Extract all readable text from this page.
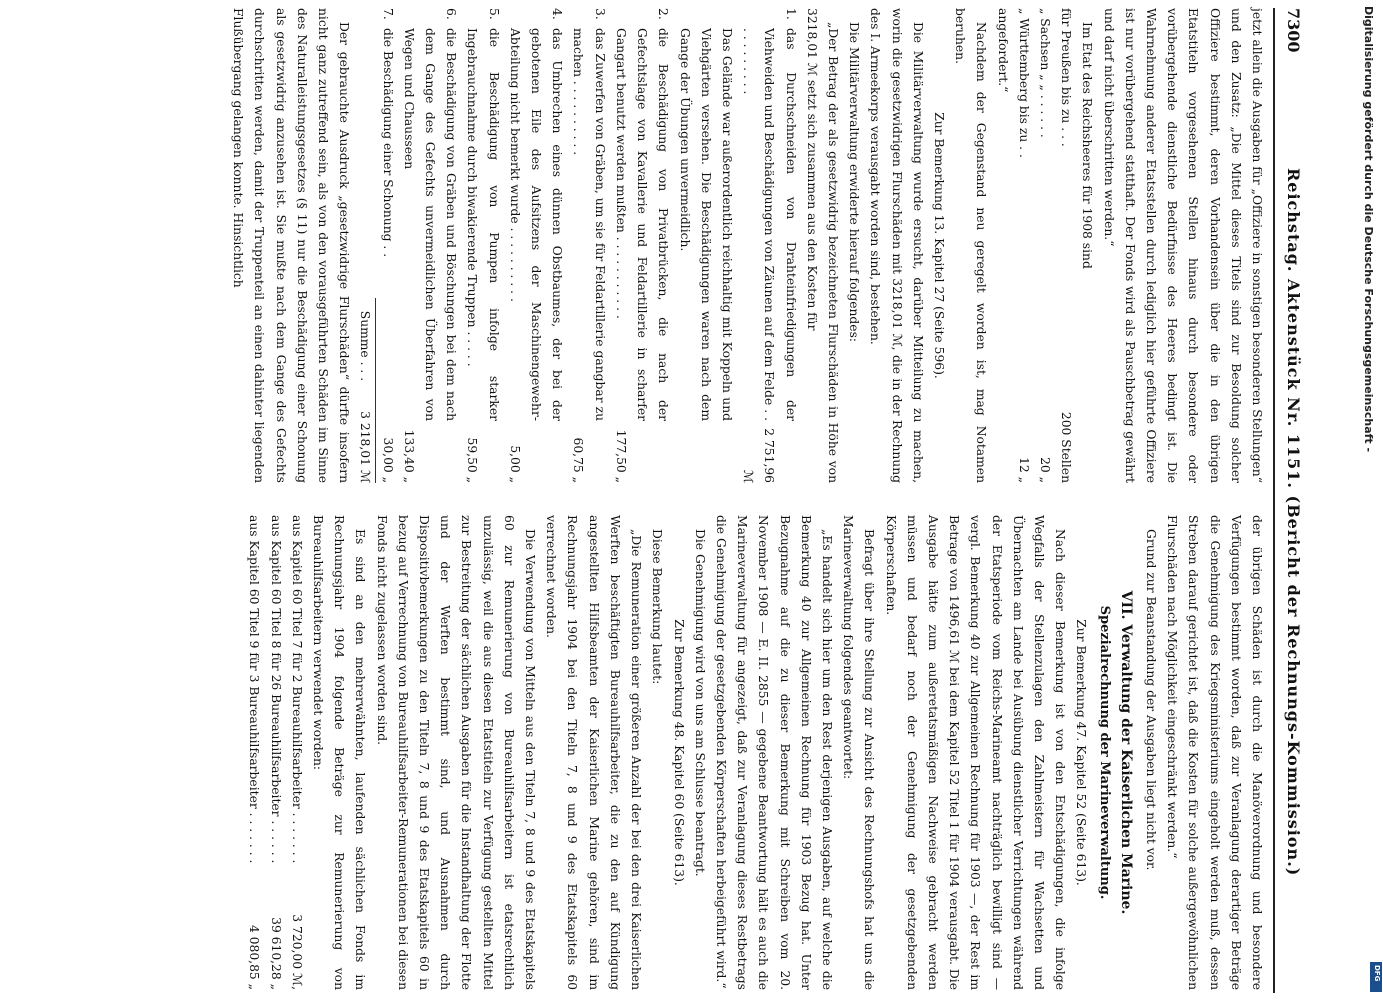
7300
Reichstag. Aktenstück Nr. 1151. (Bericht der Rechnungs-Kommission.)

jetzt allein die Ausgaben für „Offiziere in sonstigen besonderen Stellungen“ und den Zusatz: „Die Mittel dieses Titels sind zur Besoldung solcher Offiziere bestimmt, deren Vorhandensein über die in den übrigen Etatstiteln vorgesehenen Stellen hinaus durch besondere oder vorübergehende dienstliche Bedürfnisse des Heeres bedingt ist. Die Wahrnehmung anderer Etatsstellen durch lediglich hier geführte Offiziere ist nur vorübergehend statthaft. Der Fonds wird als Pauschbetrag gewährt und darf nicht überschritten werden.“

Im Etat des Reichsheeres für 1908 sind

für Preußen bis zu . . .
200 Stellen
„ Sachsen „ „ . . . . . .
20 „
„ Württemberg bis zu . .
12 „

angefordert.“

Nachdem der Gegenstand neu geregelt worden ist, mag Notamen beruhen.

Zur Bemerkung 13. Kapitel 27 (Seite 596).

Die Militärverwaltung wurde ersucht, darüber Mitteilung zu machen, worin die gesetzwidrigen Flurschäden mit 3218,01 ℳ, die in der Rechnung des I. Armeekorps verausgabt worden sind, bestehen.

Die Militärverwaltung erwiderte hierauf folgendes:

„Der Betrag der als gesetzwidrig bezeichneten Flurschäden in Höhe von 3218,01 ℳ setzt sich zusammen aus den Kosten für

1.
das Durchschneiden von Drahteinfriedigungen der Viehweiden und Beschädigungen von Zäunen auf dem Felde . . . . . . . . . . .
2 751,96 ℳ
Das Gelände war außerordentlich reichhaltig mit Koppeln und Viehgärten versehen. Die Beschädigungen waren nach dem Gange der Übungen unvermeidlich.
2.
die Beschädigung von Privatbrücken, die nach der Gefechtslage von Kavallerie und Feldartillerie in scharfer Gangart benutzt werden mußten . . . . . . . . . . .
177,50 „
3.
das Zuwerfen von Gräben, um sie für Feldartillerie gangbar zu machen . . . . . . . . . .
60,75 „
4.
das Umbrechen eines dünnen Obstbaumes, der bei der gebotenen Eile des Aufsitzens der Maschinengewehr-Abteilung nicht bemerkt wurde . . . . . . . . . .
5,00 „
5.
die Beschädigung von Pumpen infolge starker Ingebrauchnahme durch biwakierende Truppen . . . . .
59,50 „
6.
die Beschädigung von Gräben und Böschungen bei dem nach dem Gange des Gefechts unvermeidlichen Überfahren von Wegen und Chausseen
133,40 „
7.
die Beschädigung einer Schonung . .
30,00 „
Summe . . .
3 218,01 ℳ

Der gebrauchte Ausdruck „gesetzwidrige Flurschäden“ dürfte insofern nicht ganz zutreffend sein, als von den vorausgeführten Schäden im Sinne des Naturalleistungsgesetzes (§ 11) nur die Beschädigung einer Schonung als gesetzwidrig anzusehen ist. Sie mußte nach dem Gange des Gefechts durchschritten werden, damit der Truppenteil an einen dahinter liegenden Flußübergang gelangen konnte. Hinsichtlich

der übrigen Schäden ist durch die Manöverordnung und besondere Verfügungen bestimmt worden, daß zur Veranlagung derartiger Beträge die Genehmigung des Kriegsministeriums eingeholt werden muß, dessen Streben darauf gerichtet ist, daß die Kosten für solche außergewöhnlichen Flurschäden nach Möglichkeit eingeschränkt werden.“

Grund zur Beanstandung der Ausgaben liegt nicht vor.

VII. Verwaltung der Kaiserlichen Marine.

Spezialrechnung der Marineverwaltung.

Zur Bemerkung 47. Kapitel 52 (Seite 613).

Nach dieser Bemerkung ist von den Entschädigungen, die infolge Wegfalls der Stellenzulagen den Zahlmeistern für Wachsetten und Übernachten am Lande bei Ausübung dienstlicher Verrichtungen während der Etatsperiode vom Reichs-Marineamt nachträglich bewilligt sind — vergl. Bemerkung 40 zur Allgemeinen Rechnung für 1903 —, der Rest im Betrage von 1496,61 ℳ bei dem Kapitel 52 Titel 1 für 1904 verausgabt. Die Ausgabe hätte zum außeretatsmäßigen Nachweise gebracht werden müssen und bedarf noch der Genehmigung der gesetzgebenden Körperschaften.

Befragt über ihre Stellung zur Ansicht des Rechnungshofs hat uns die Marineverwaltung folgendes geantwortet:

„Es handelt sich hier um den Rest derjenigen Ausgaben, auf welche die Bemerkung 40 zur Allgemeinen Rechnung für 1903 Bezug hat. Unter Bezugnahme auf die zu dieser Bemerkung mit Schreiben vom 20. November 1908 — E. II. 2855 — gegebene Beantwortung hält es auch die Marineverwaltung für angezeigt, daß zur Veranlagung dieses Restbetrags die Genehmigung der gesetzgebenden Körperschaften herbeigeführt wird.“

Die Genehmigung wird von uns am Schlusse beantragt.

Zur Bemerkung 48. Kapitel 60 (Seite 613).

Diese Bemerkung lautet:

„Die Remuneration einer größeren Anzahl der bei den drei Kaiserlichen Werften beschäftigten Bureauhilfsarbeiter, die zu den auf Kündigung angestellten Hilfsbeamten der Kaiserlichen Marine gehören, sind im Rechnungsjahr 1904 bei den Titeln 7, 8 und 9 des Etatskapitels 60 verrechnet worden.

Die Verwendung von Mitteln aus den Titeln 7, 8 und 9 des Etatskapitels 60 zur Remunerierung von Bureauhilfsarbeitern ist etatsrechtlich unzulässig, weil die aus diesen Etatstiteln zur Verfügung gestellten Mittel zur Bestreitung der sächlichen Ausgaben für die Instandhaltung der Flotte und der Werften bestimmt sind, und Ausnahmen durch Dispositivbemerkungen zu den Titeln 7, 8 und 9 des Etatskapitels 60 in bezug auf Verrechnung von Bureauhilfsarbeiter-Remunerationen bei diesen Fonds nicht zugelassen worden sind.

Es sind an den mehrerwähnten, laufenden sächlichen Fonds im Rechnungsjahr 1904 folgende Beträge zur Remunerierung von Bureauhilfsarbeitern verwendet worden:

aus Kapitel 60 Titel 7 für 2 Bureauhilfsarbeiter . . . . . . .
3 720,00 ℳ,
aus Kapitel 60 Titel 8 für 26 Bureauhilfsarbeiter . . . . . .
39 610,28 „
aus Kapitel 60 Titel 9 für 3 Bureauhilfsarbeiter . . . . . . .
4 080,85 „
Digitalisierung gefördert durch die Deutsche Forschungsgemeinschaft -
DFG
